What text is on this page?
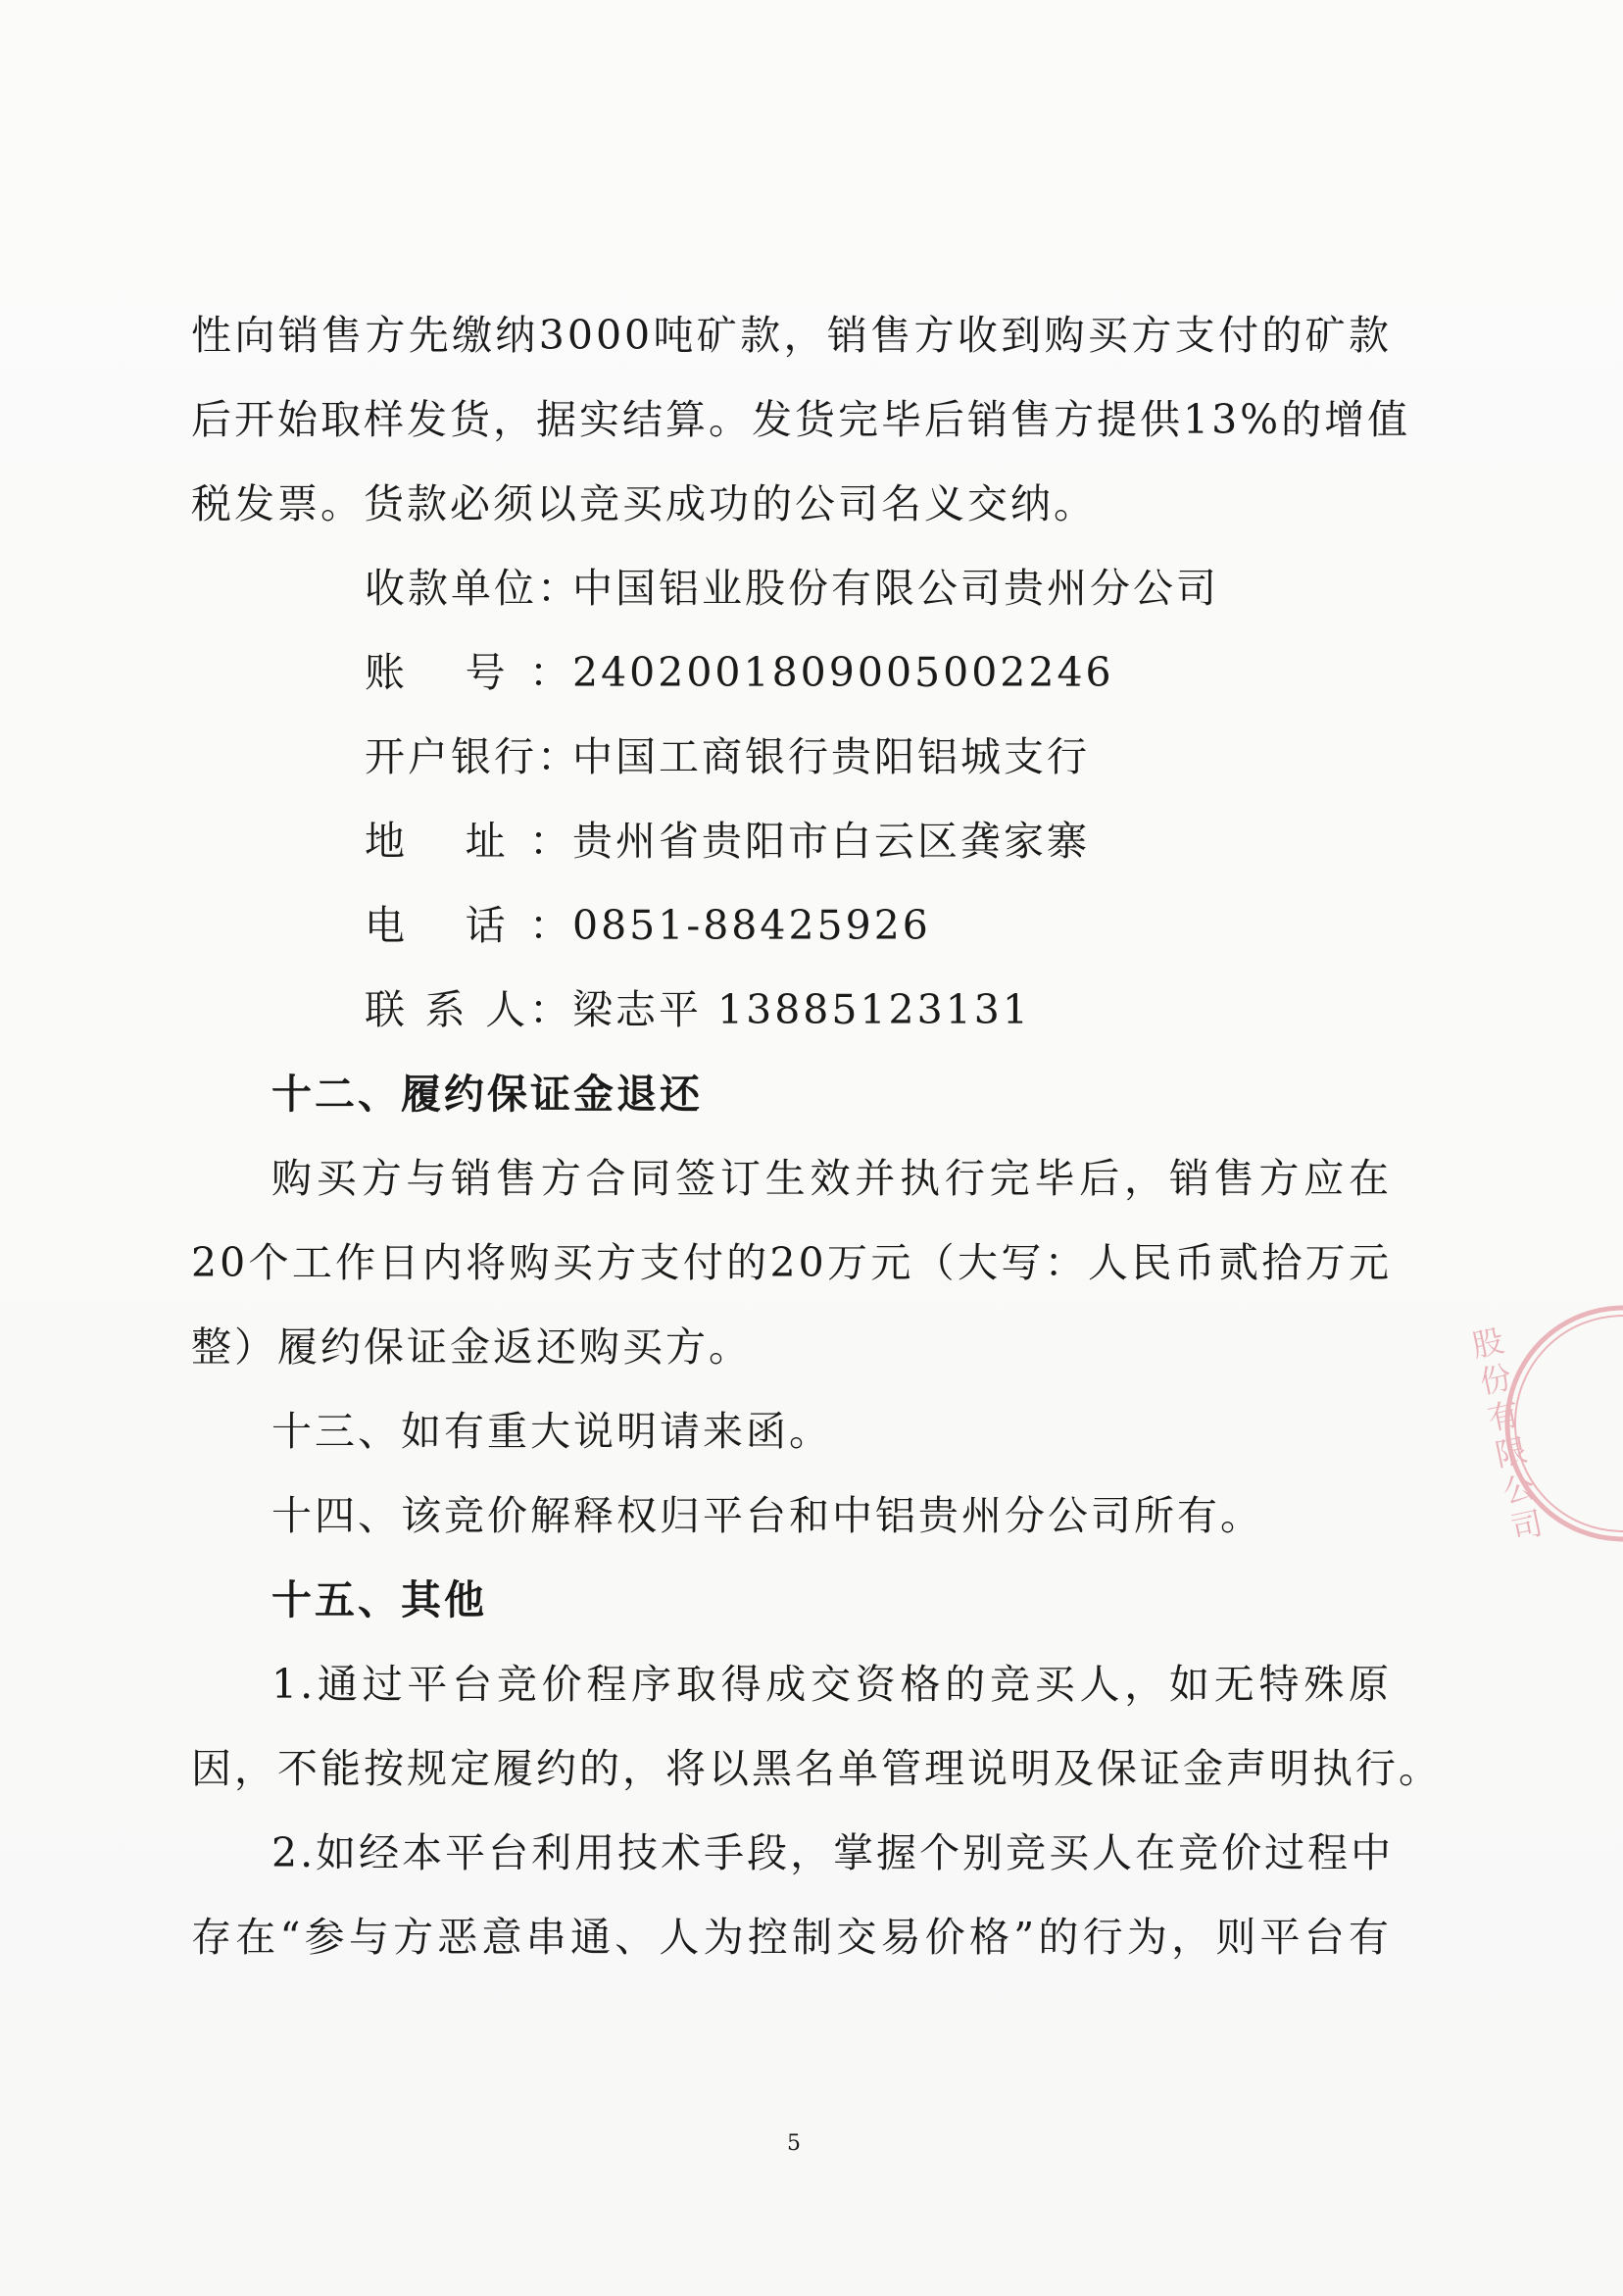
性向销售方先缴纳3000吨矿款，销售方收到购买方支付的矿款
后开始取样发货，据实结算。发货完毕后销售方提供13%的增值
税发票。货款必须以竞买成功的公司名义交纳。
收款单位：中国铝业股份有限公司贵州分公司
账 号：2402001809005002246
开户银行：中国工商银行贵阳铝城支行
地 址：贵州省贵阳市白云区龚家寨
电 话：0851-88425926
联 系 人：梁志平 13885123131
十二、履约保证金退还
购买方与销售方合同签订生效并执行完毕后，销售方应在
20个工作日内将购买方支付的20万元（大写：人民币贰拾万元
整）履约保证金返还购买方。
十三、如有重大说明请来函。
十四、该竞价解释权归平台和中铝贵州分公司所有。
十五、其他
1.通过平台竞价程序取得成交资格的竞买人，如无特殊原
因，不能按规定履约的，将以黑名单管理说明及保证金声明执行。
2.如经本平台利用技术手段，掌握个别竞买人在竞价过程中
存在“参与方恶意串通、人为控制交易价格”的行为，则平台有
股份有限公司
5
